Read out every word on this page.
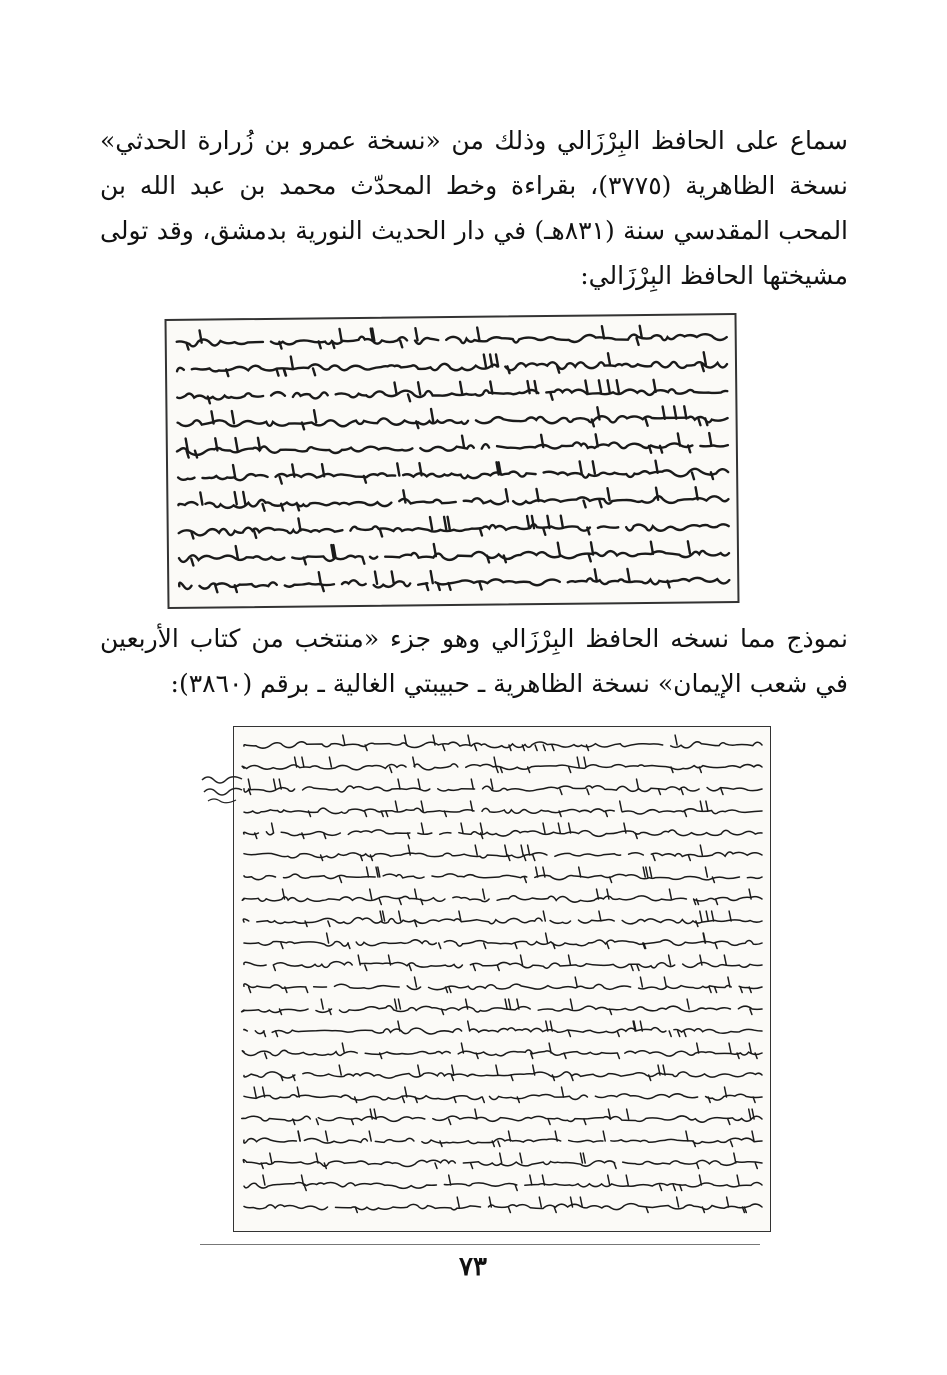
سماع على الحافظ البِرْزَالي وذلك من «نسخة عمرو بن زُرارة الحدثي» نسخة الظاهرية (٣٧٧٥)، بقراءة وخط المحدّث محمد بن عبد الله بن المحب المقدسي سنة (٨٣١هـ) في دار الحديث النورية بدمشق، وقد تولى مشيختها الحافظ البِرْزَالي:

نموذج مما نسخه الحافظ البِرْزَالي وهو جزء «منتخب من كتاب الأربعين في شعب الإيمان» نسخة الظاهرية ـ حبيبتي الغالية ـ برقم (٣٨٦٠):

٧٣
